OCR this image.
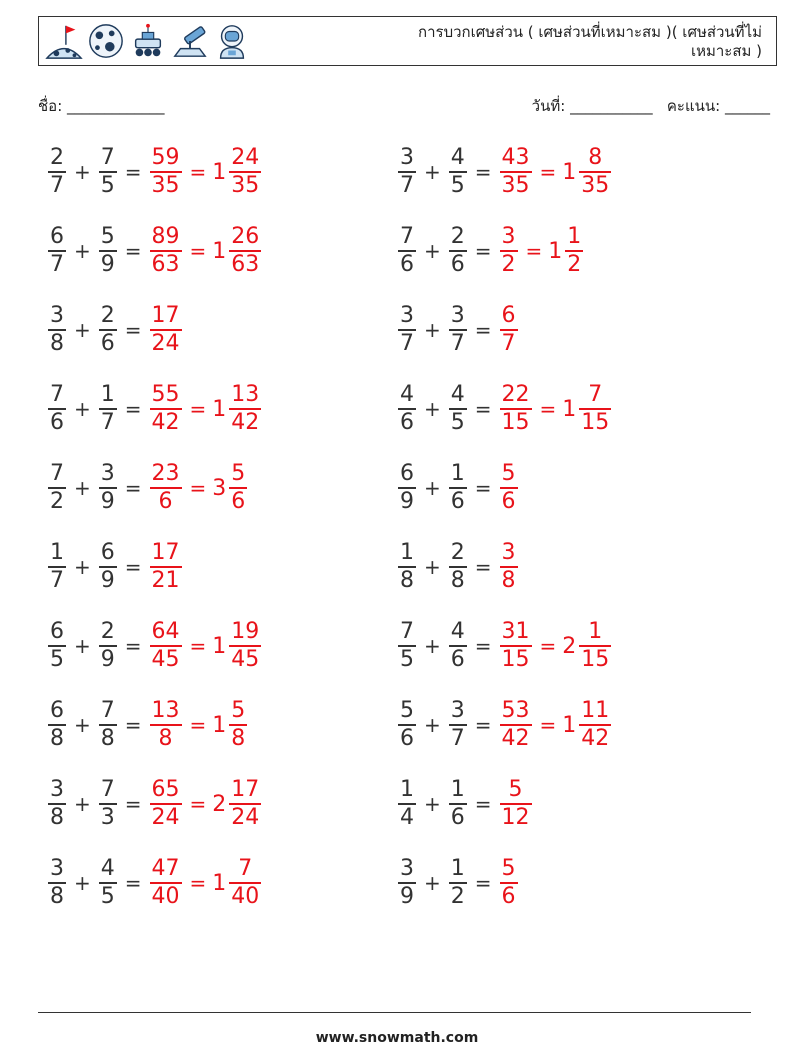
การบวกเศษส่วน ( เศษส่วนที่เหมาะสม )( เศษส่วนที่ไม่เหมาะสม )
ชื่อ: _____________	วันที่: ___________ คะแนน: ______
$\frac{2}{7} + \frac{7}{5} = \frac{59}{35} = 1 \frac{24}{35}$	$\frac{3}{7} + \frac{4}{5} = \frac{43}{35} = 1 \frac{8}{35}$
$\frac{6}{7} + \frac{5}{9} = \frac{89}{63} = 1 \frac{26}{63}$	$\frac{7}{6} + \frac{2}{6} = \frac{3}{2} = 1 \frac{1}{2}$
$\frac{3}{8} + \frac{2}{6} = \frac{17}{24}$	$\frac{3}{7} + \frac{3}{7} = \frac{6}{7}$
$\frac{7}{6} + \frac{1}{7} = \frac{55}{42} = 1 \frac{13}{42}$	$\frac{4}{6} + \frac{4}{5} = \frac{22}{15} = 1 \frac{7}{15}$
$\frac{7}{2} + \frac{3}{9} = \frac{23}{6} = 3 \frac{5}{6}$	$\frac{6}{9} + \frac{1}{6} = \frac{5}{6}$
$\frac{1}{7} + \frac{6}{9} = \frac{17}{21}$	$\frac{1}{8} + \frac{2}{8} = \frac{3}{8}$
$\frac{6}{5} + \frac{2}{9} = \frac{64}{45} = 1 \frac{19}{45}$	$\frac{7}{5} + \frac{4}{6} = \frac{31}{15} = 2 \frac{1}{15}$
$\frac{6}{8} + \frac{7}{8} = \frac{13}{8} = 1 \frac{5}{8}$	$\frac{5}{6} + \frac{3}{7} = \frac{53}{42} = 1 \frac{11}{42}$
$\frac{3}{8} + \frac{7}{3} = \frac{65}{24} = 2 \frac{17}{24}$	$\frac{1}{4} + \frac{1}{6} = \frac{5}{12}$
$\frac{3}{8} + \frac{4}{5} = \frac{47}{40} = 1 \frac{7}{40}$	$\frac{3}{9} + \frac{1}{2} = \frac{5}{6}$
www.snowmath.com
